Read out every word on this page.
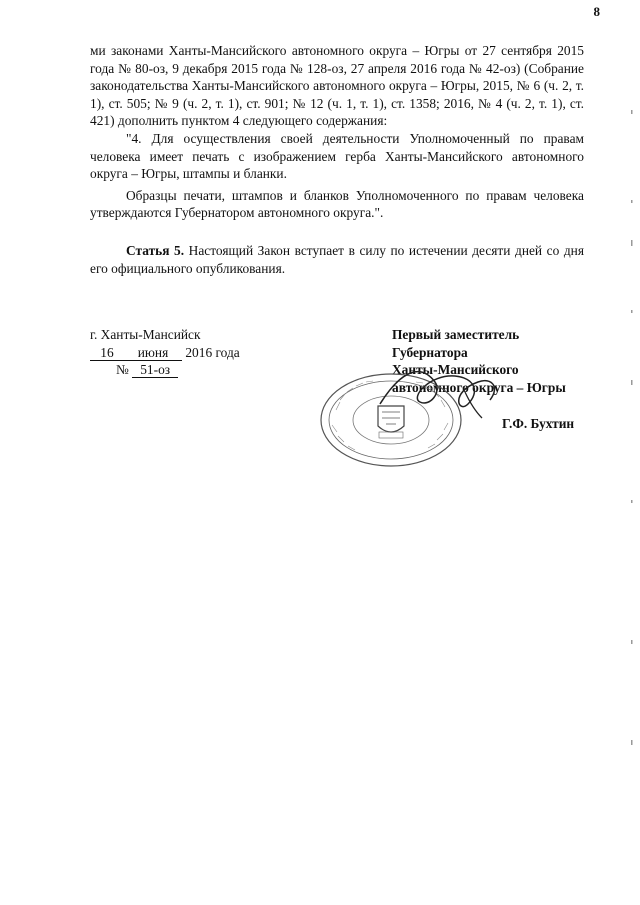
8

ми законами Ханты-Мансийского автономного округа – Югры от 27 сентября 2015 года № 80-оз, 9 декабря 2015 года № 128-оз, 27 апреля 2016 года № 42-оз) (Собрание законодательства Ханты-Мансийского автономного округа – Югры, 2015, № 6 (ч. 2, т. 1), ст. 505; № 9 (ч. 2, т. 1), ст. 901; № 12 (ч. 1, т. 1), ст. 1358; 2016, № 4 (ч. 2, т. 1), ст. 421) дополнить пунктом 4 следующего содержания:

"4. Для осуществления своей деятельности Уполномоченный по правам человека имеет печать с изображением герба Ханты-Мансийского автономного округа – Югры, штампы и бланки.

Образцы печати, штампов и бланков Уполномоченного по правам человека утверждаются Губернатором автономного округа.".

Статья 5. Настоящий Закон вступает в силу по истечении десяти дней со дня его официального опубликования.

г. Ханты-Мансийск
16 июня 2016 года
№ 51-оз
Первый заместитель
Губернатора
Ханты-Мансийского
автономного округа – Югры
Г.Ф. Бухтин
